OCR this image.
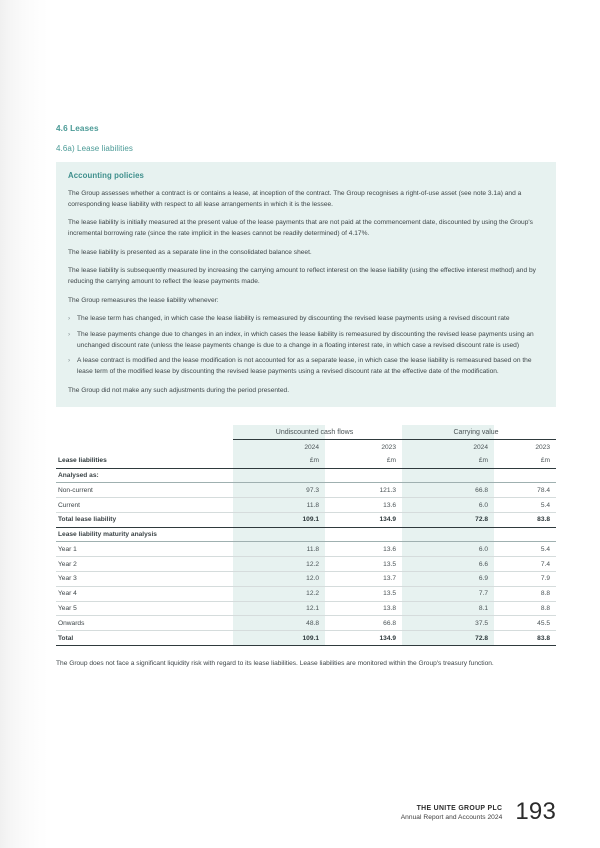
4.6 Leases
4.6a) Lease liabilities
Accounting policies

The Group assesses whether a contract is or contains a lease, at inception of the contract. The Group recognises a right-of-use asset (see note 3.1a) and a corresponding lease liability with respect to all lease arrangements in which it is the lessee.

The lease liability is initially measured at the present value of the lease payments that are not paid at the commencement date, discounted by using the Group's incremental borrowing rate (since the rate implicit in the leases cannot be readily determined) of 4.17%.

The lease liability is presented as a separate line in the consolidated balance sheet.

The lease liability is subsequently measured by increasing the carrying amount to reflect interest on the lease liability (using the effective interest method) and by reducing the carrying amount to reflect the lease payments made.

The Group remeasures the lease liability whenever:

› The lease term has changed, in which case the lease liability is remeasured by discounting the revised lease payments using a revised discount rate
› The lease payments change due to changes in an index, in which cases the lease liability is remeasured by discounting the revised lease payments using an unchanged discount rate (unless the lease payments change is due to a change in a floating interest rate, in which case a revised discount rate is used)
› A lease contract is modified and the lease modification is not accounted for as a separate lease, in which case the lease liability is remeasured based on the lease term of the modified lease by discounting the revised lease payments using a revised discount rate at the effective date of the modification.

The Group did not make any such adjustments during the period presented.

	Undiscounted cash flows		Carrying value	
	2024	2023	2024	2023
Lease liabilities	£m	£m	£m	£m
Analysed as:				
Non-current	97.3	121.3	66.8	78.4
Current	11.8	13.6	6.0	5.4
Total lease liability	109.1	134.9	72.8	83.8
Lease liability maturity analysis				
Year 1	11.8	13.6	6.0	5.4
Year 2	12.2	13.5	6.6	7.4
Year 3	12.0	13.7	6.9	7.9
Year 4	12.2	13.5	7.7	8.8
Year 5	12.1	13.8	8.1	8.8
Onwards	48.8	66.8	37.5	45.5
Total	109.1	134.9	72.8	83.8

The Group does not face a significant liquidity risk with regard to its lease liabilities. Lease liabilities are monitored within the Group's treasury function.

THE UNITE GROUP PLC
Annual Report and Accounts 2024 193
